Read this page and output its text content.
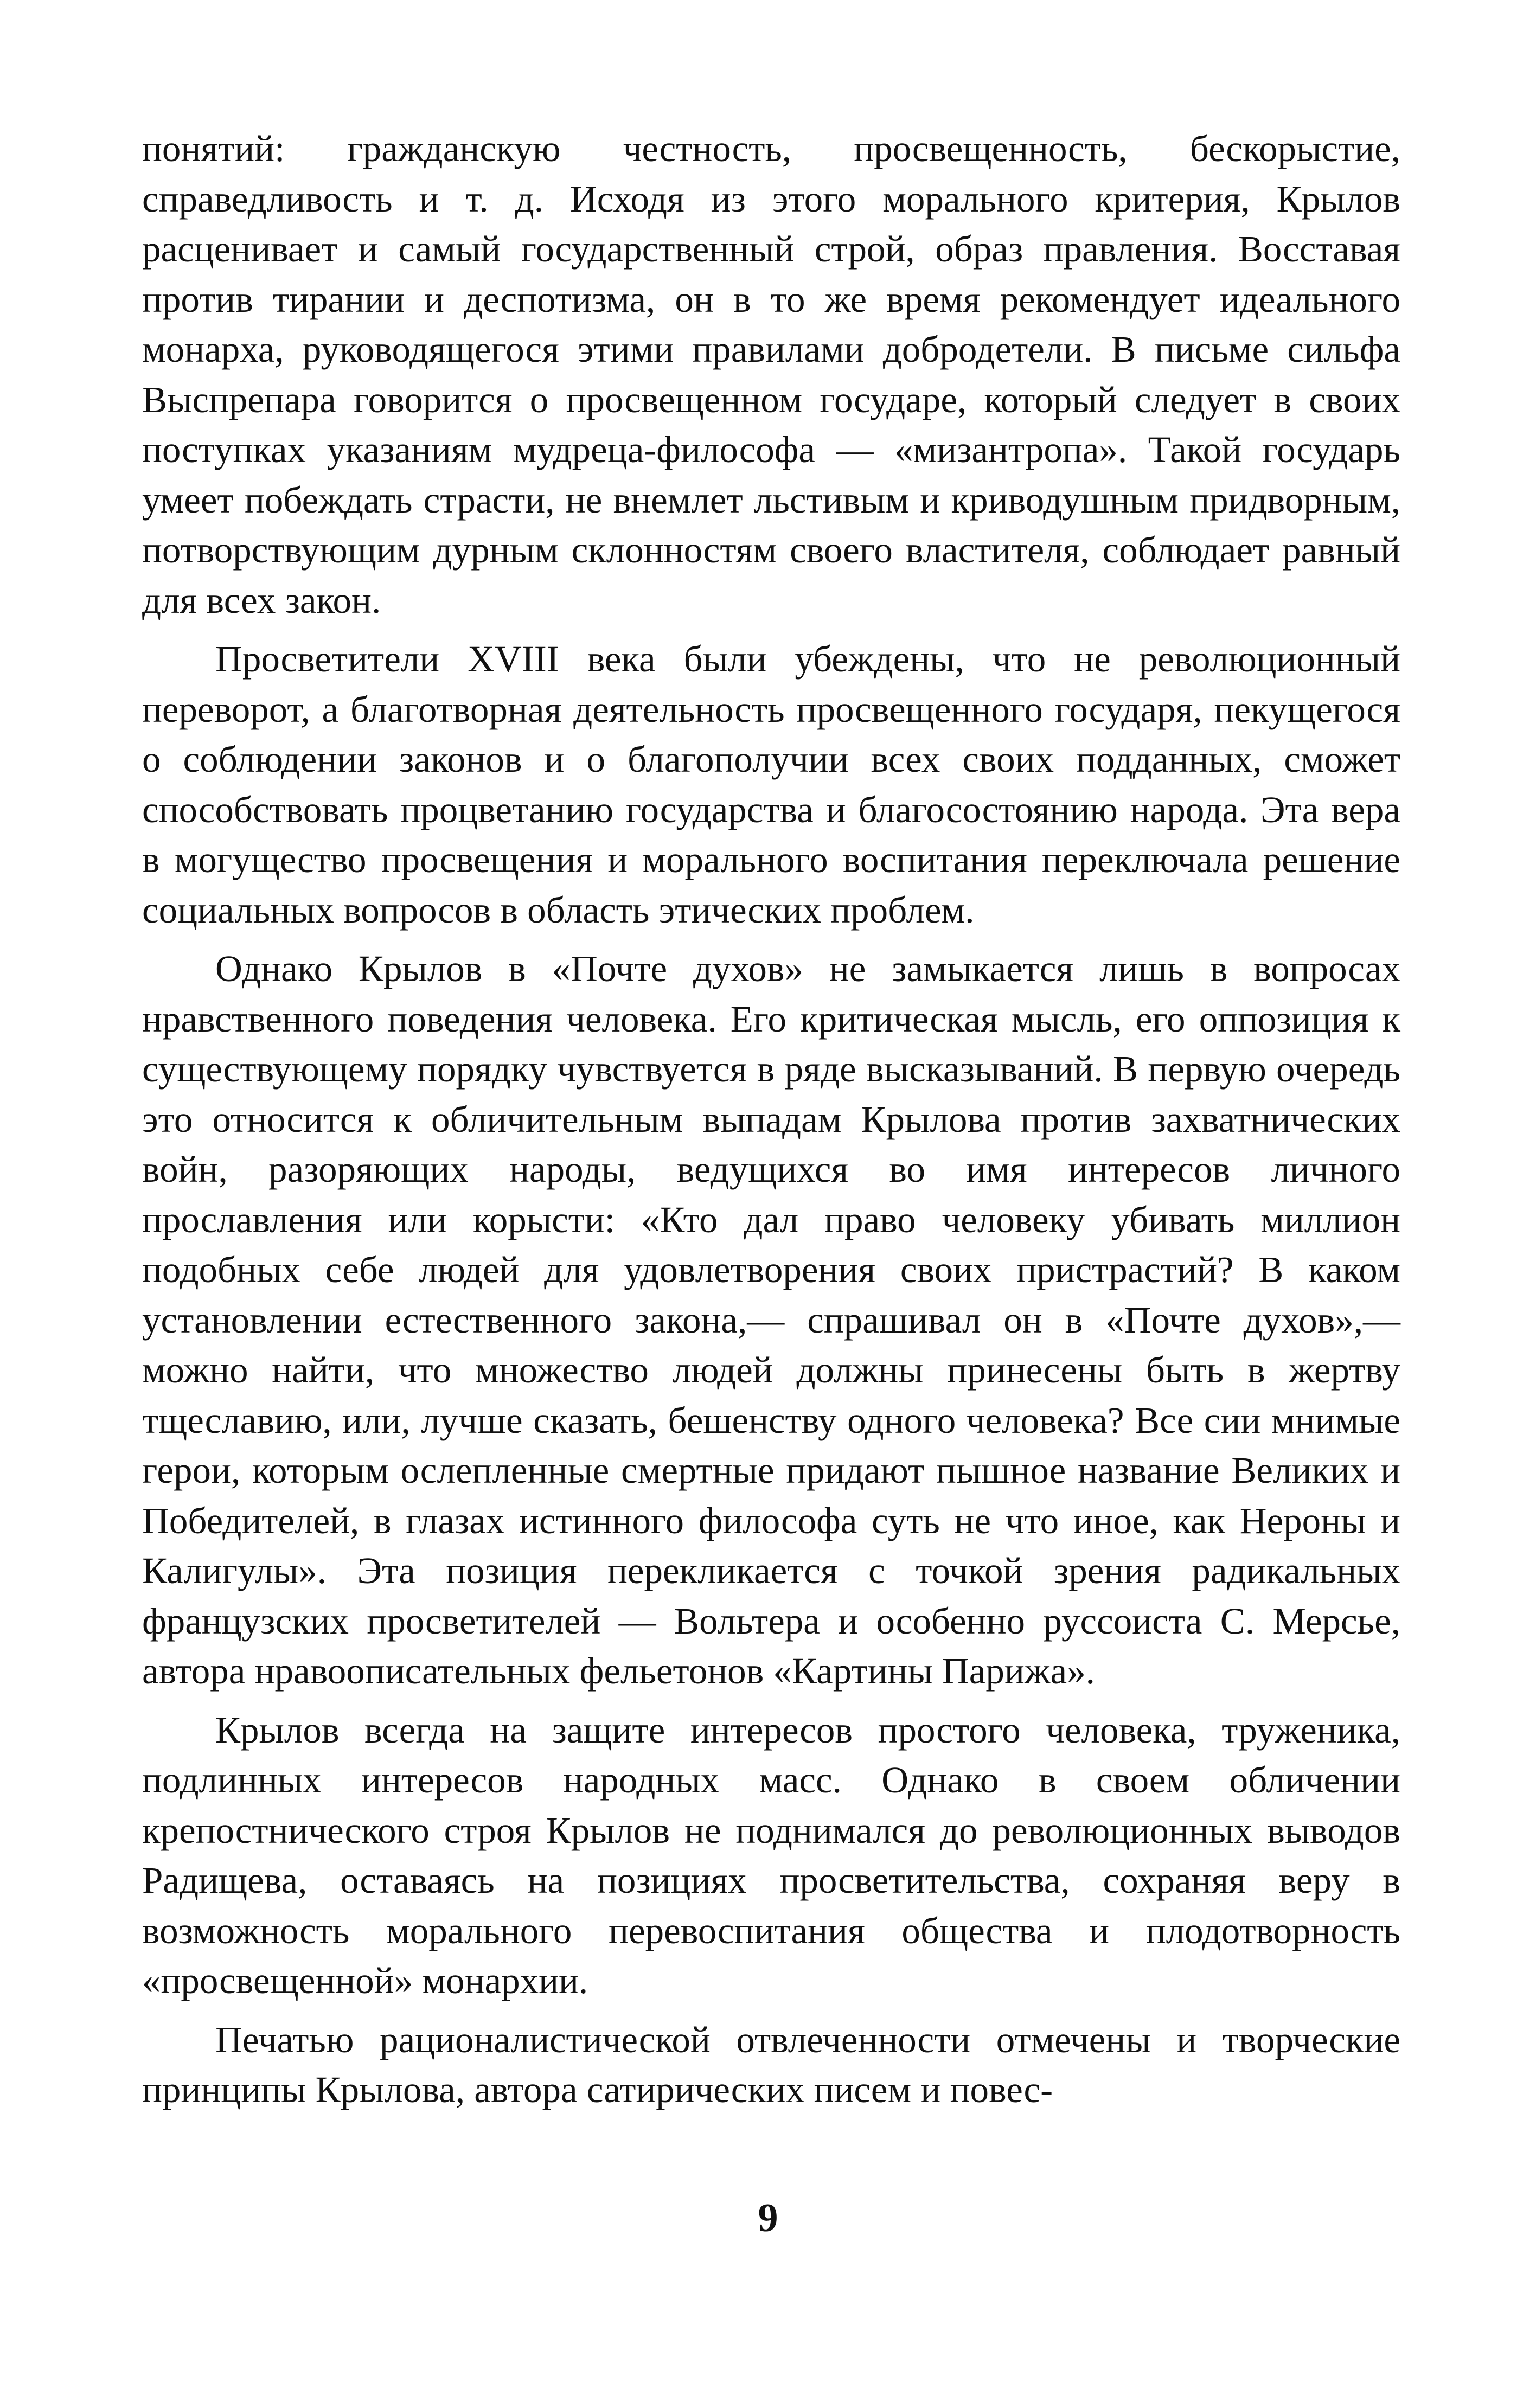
понятий: гражданскую честность, просвещенность, бескорыстие, справедливость и т. д. Исходя из этого морального критерия, Крылов расценивает и самый государственный строй, образ правления. Восставая против тирании и деспотизма, он в то же время рекомендует идеального монарха, руководящегося этими правилами добродетели. В письме сильфа Выспрепара говорится о просвещенном государе, который следует в своих поступках указаниям мудреца-философа — «мизантропа». Такой государь умеет побеждать страсти, не внемлет льстивым и криводушным придворным, потворствующим дурным склонностям своего властителя, соблюдает равный для всех закон.

Просветители XVIII века были убеждены, что не революционный переворот, а благотворная деятельность просвещенного государя, пекущегося о соблюдении законов и о благополучии всех своих подданных, сможет способствовать процветанию государства и благосостоянию народа. Эта вера в могущество просвещения и морального воспитания переключала решение социальных вопросов в область этических проблем.

Однако Крылов в «Почте духов» не замыкается лишь в вопросах нравственного поведения человека. Его критическая мысль, его оппозиция к существующему порядку чувствуется в ряде высказываний. В первую очередь это относится к обличительным выпадам Крылова против захватнических войн, разоряющих народы, ведущихся во имя интересов личного прославления или корысти: «Кто дал право человеку убивать миллион подобных себе людей для удовлетворения своих пристрастий? В каком установлении естественного закона,— спрашивал он в «Почте духов»,— можно найти, что множество людей должны принесены быть в жертву тщеславию, или, лучше сказать, бешенству одного человека? Все сии мнимые герои, которым ослепленные смертные придают пышное название Великих и Победителей, в глазах истинного философа суть не что иное, как Нероны и Калигулы». Эта позиция перекликается с точкой зрения радикальных французских просветителей — Вольтера и особенно руссоиста С. Мерсье, автора нравоописательных фельетонов «Картины Парижа».

Крылов всегда на защите интересов простого человека, труженика, подлинных интересов народных масс. Однако в своем обличении крепостнического строя Крылов не поднимался до революционных выводов Радищева, оставаясь на позициях просветительства, сохраняя веру в возможность морального перевоспитания общества и плодотворность «просвещенной» монархии.

Печатью рационалистической отвлеченности отмечены и творческие принципы Крылова, автора сатирических писем и повес-

9
